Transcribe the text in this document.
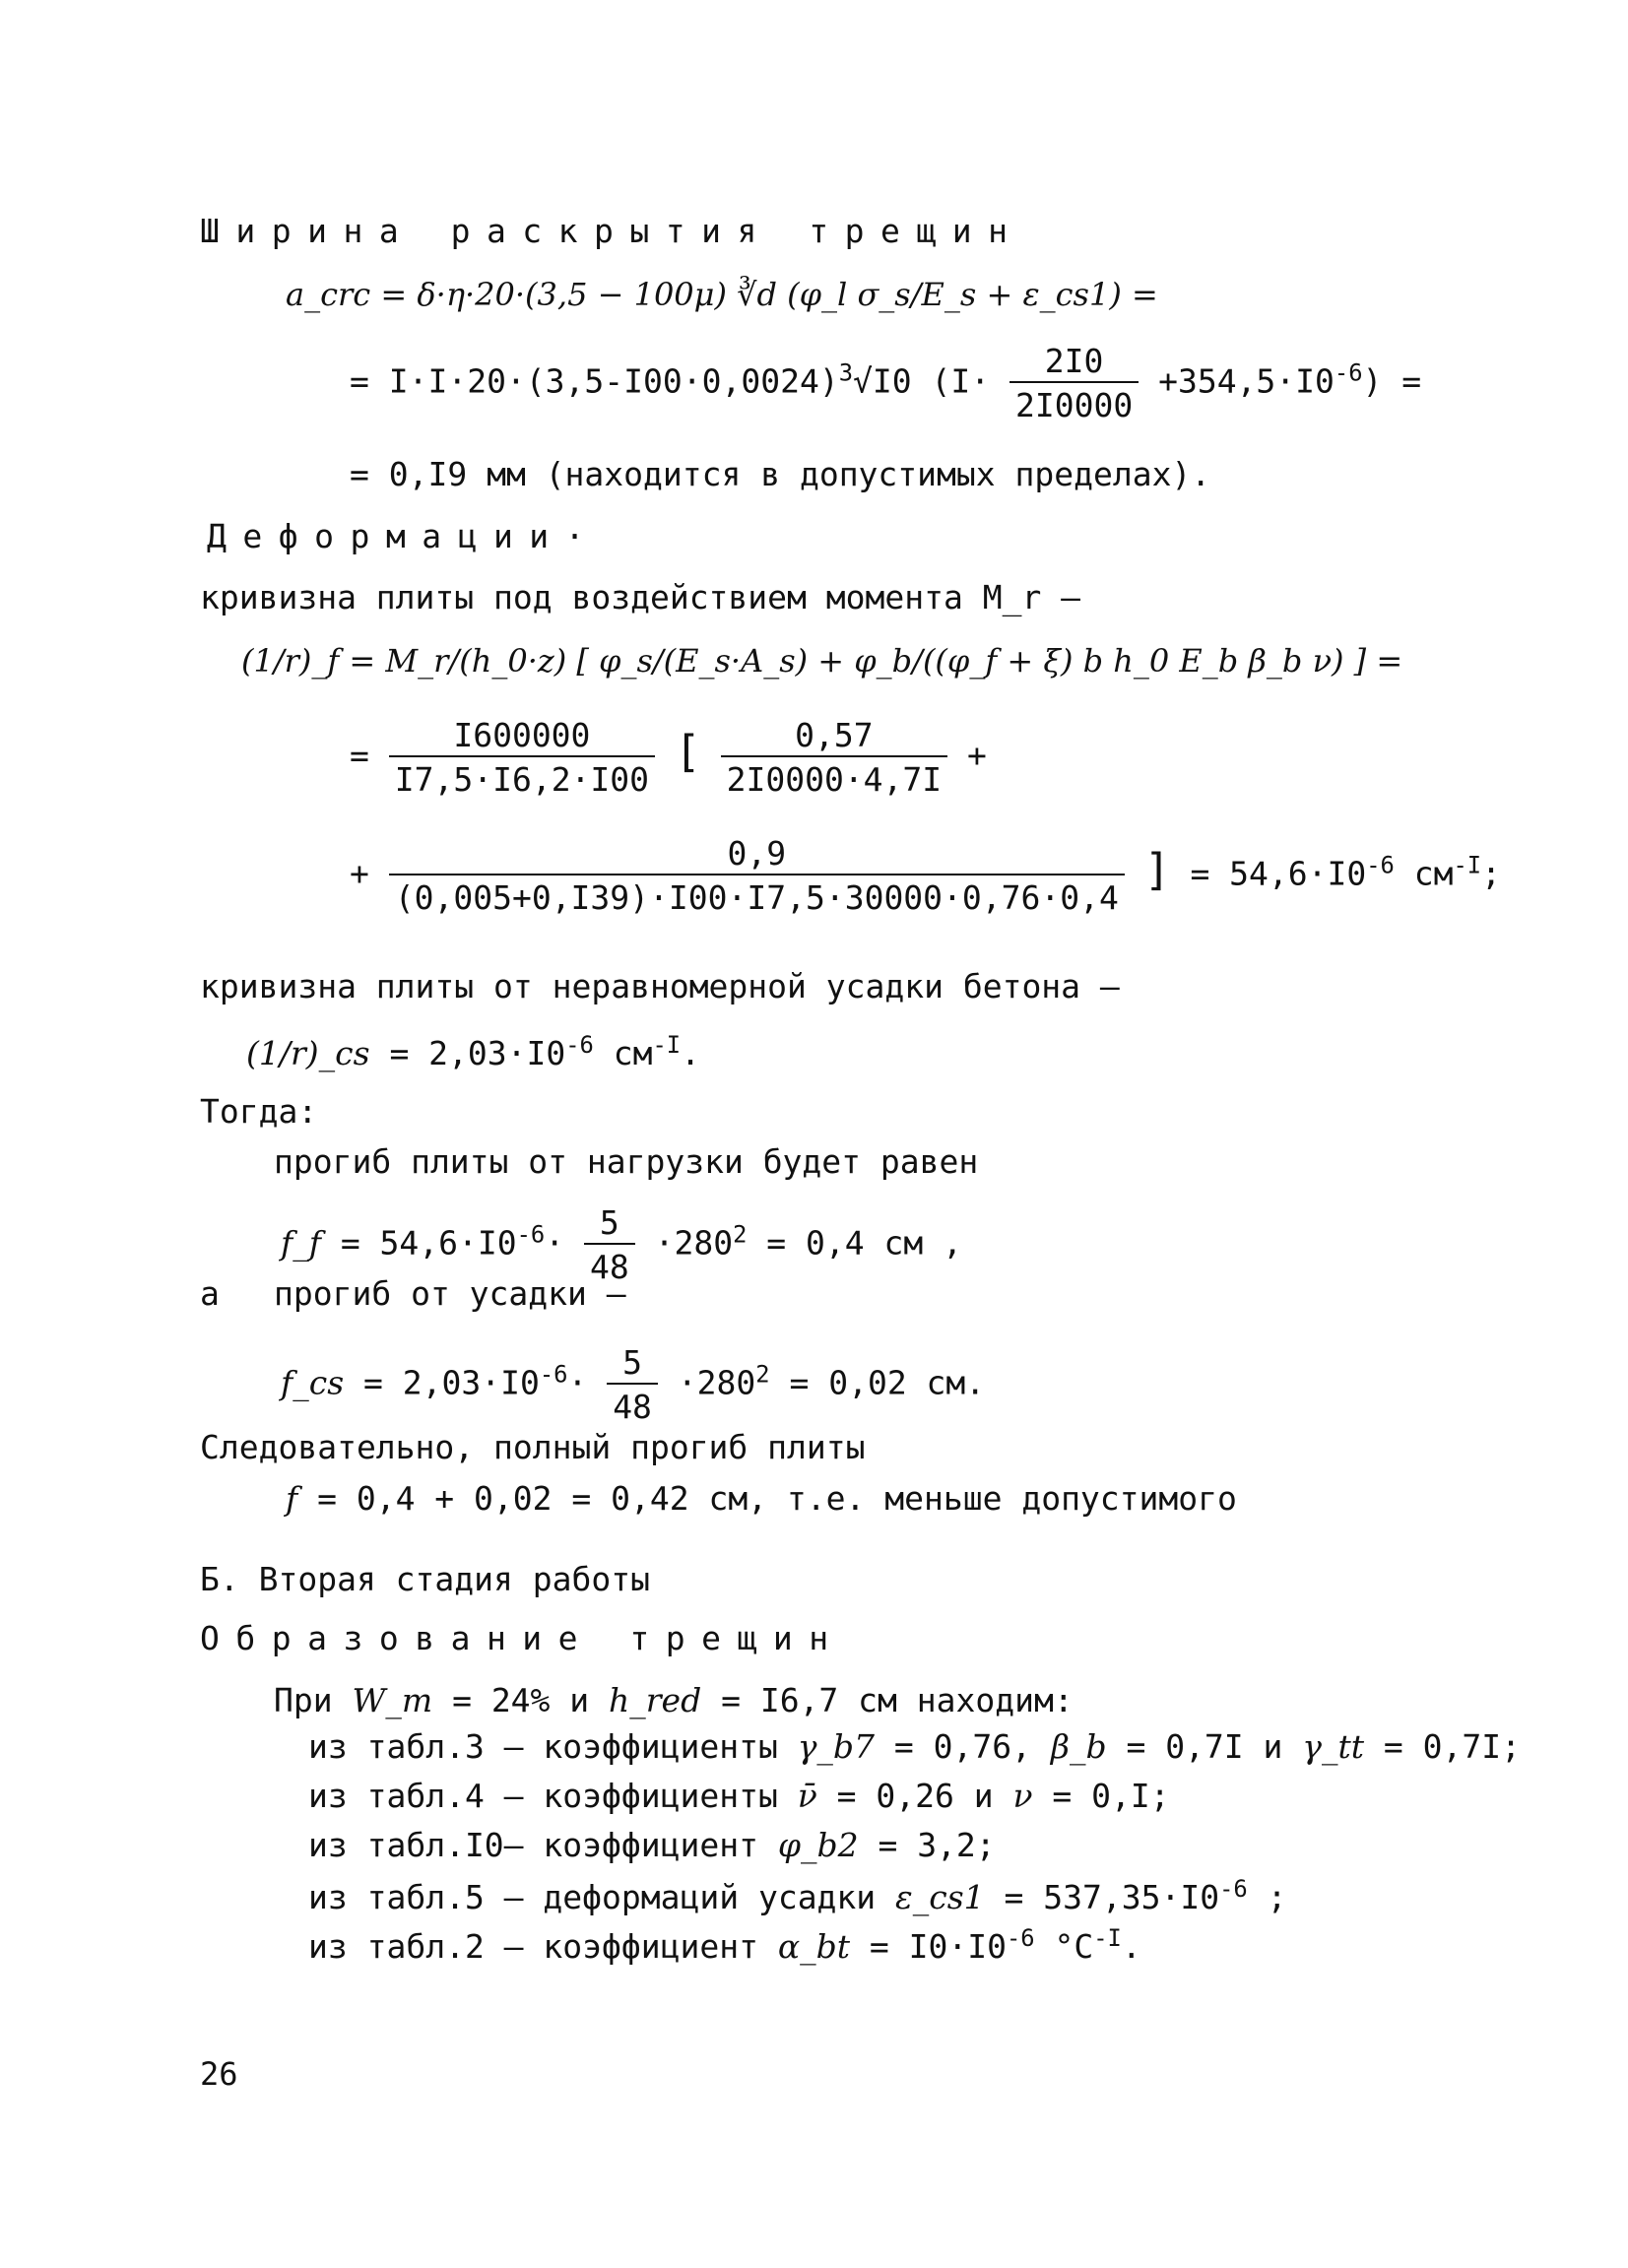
Ширина раскрытия трещин
a_crc = δ·η·20·(3,5 − 100μ) ∛d (φ_l σ_s/E_s + ε_cs1) =
= $I\cdot I\cdot 20\cdot(3,5-I00\cdot 0,0024)^3√I0$ $(I\cdot \frac{2I0}{2I0000} +354,5\cdot I0^{-6})$ =
= 0,I9 мм (находится в допустимых пределах).
Деформации·
кривизна плиты под воздействием момента M_r –
(1/r)_f = M_r/(h_0·z) [ φ_s/(E_s·A_s) + φ_b/((φ_f + ξ) b h_0 E_b β_b ν) ] =
= $\frac{I600000}{I7,5\cdot I6,2\cdot I00}$ [ $\frac{0,57}{2I0000\cdot 4,7I}$ +
+ $\frac{0,9}{(0,005+0,I39)\cdot I00\cdot I7,5\cdot 30000\cdot 0,76\cdot 0,4}$ ] = $54,6\cdot I0^{-6}$ $см^{-I}$;
кривизна плиты от неравномерной усадки бетона –
(1/r)_cs = $2,03\cdot I0^{-6}$ $см^{-I}$.
Тогда:
прогиб плиты от нагрузки будет равен
f_f = $54,6\cdot I0^{-6}\cdot \frac{5}{48} \cdot 280^2 = 0,4$ см ,
а прогиб от усадки –
f_cs = $2,03\cdot I0^{-6}\cdot \frac{5}{48} \cdot 280^2 = 0,02$ см.
Следовательно, полный прогиб плиты
f = 0,4 + 0,02 = 0,42 см, т.е. меньше допустимого
Б. Вторая стадия работы
Образование трещин
При W_m = 24% и h_red = I6,7 см находим:
из табл.3 – коэффициенты γ_b7 = 0,76, β_b = 0,7I и γ_tt = 0,7I;
из табл.4 – коэффициенты ν̄ = 0,26 и ν = 0,I;
из табл.I0– коэффициент φ_b2 = 3,2;
из табл.5 – деформаций усадки ε_cs1 = $537,35\cdot I0^{-6}$ ;
из табл.2 – коэффициент α_bt = $I0\cdot I0^{-6}$ $^\circ C^{-I}$.
26
